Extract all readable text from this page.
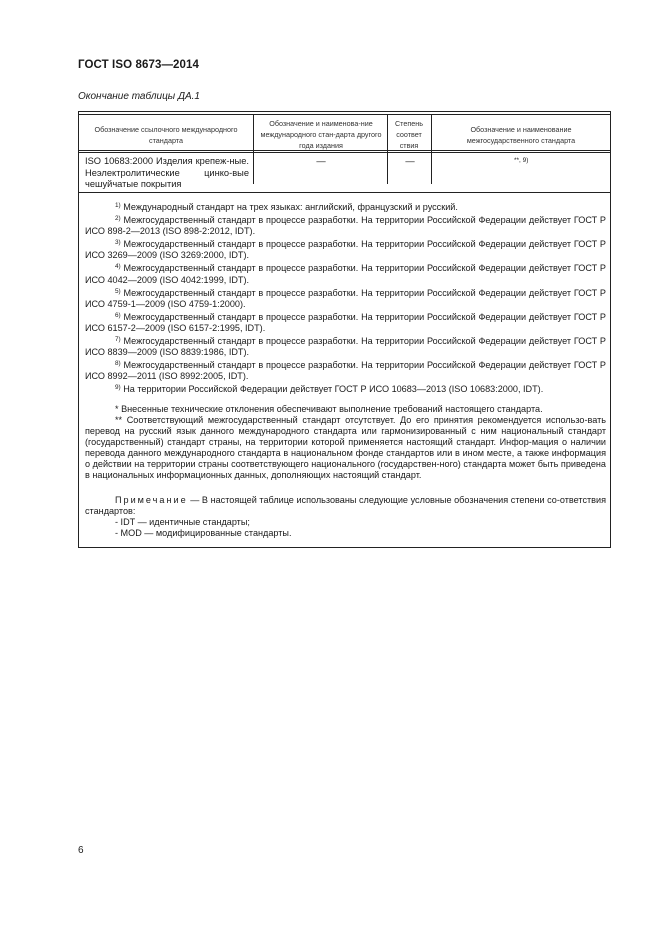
ГОСТ ISO 8673—2014
Окончание таблицы ДА.1
Обозначение ссылочного международного стандарта
Обозначение и наименова-ние международного стан-дарта другого года издания
Степень соответ ствия
Обозначение и наименование межгосударственного стандарта
ISO 10683:2000 Изделия крепеж-ные. Неэлектролитические цинко-вые чешуйчатые покрытия
—	—	**, 9)

$^{1)}$ Международный стандарт на трех языках: английский, французский и русский.

$^{2)}$ Межгосударственный стандарт в процессе разработки. На территории Российской Федерации действует ГОСТ Р ИСО 898-2—2013 (ISO 898-2:2012, IDT).

$^{3)}$ Межгосударственный стандарт в процессе разработки. На территории Российской Федерации действует ГОСТ Р ИСО 3269—2009 (ISO 3269:2000, IDT).

$^{4)}$ Межгосударственный стандарт в процессе разработки. На территории Российской Федерации действует ГОСТ Р ИСО 4042—2009 (ISO 4042:1999, IDT).

$^{5)}$ Межгосударственный стандарт в процессе разработки. На территории Российской Федерации действует ГОСТ Р ИСО 4759-1—2009 (ISO 4759-1:2000).

$^{6)}$ Межгосударственный стандарт в процессе разработки. На территории Российской Федерации действует ГОСТ Р ИСО 6157-2—2009 (ISO 6157-2:1995, IDT).

$^{7)}$ Межгосударственный стандарт в процессе разработки. На территории Российской Федерации действует ГОСТ Р ИСО 8839—2009 (ISO 8839:1986, IDT).

$^{8)}$ Межгосударственный стандарт в процессе разработки. На территории Российской Федерации действует ГОСТ Р ИСО 8992—2011 (ISO 8992:2005, IDT).

$^{9)}$ На территории Российской Федерации действует ГОСТ Р ИСО 10683—2013 (ISO 10683:2000, IDT).

* Внесенные технические отклонения обеспечивают выполнение требований настоящего стандарта.

** Соответствующий межгосударственный стандарт отсутствует. До его принятия рекомендуется использо-вать перевод на русский язык данного международного стандарта или гармонизированный с ним национальный стандарт (государственный) стандарт страны, на территории которой применяется настоящий стандарт. Инфор-мация о наличии перевода данного международного стандарта в национальном фонде стандартов или в ином месте, а также информация о действии на территории страны соответствующего национального (государствен-ного) стандарта может быть приведена в национальных информационных данных, дополняющих настоящий стандарт.

Примечание — В настоящей таблице использованы следующие условные обозначения степени со-ответствия стандартов:

- IDT — идентичные стандарты;

- MOD — модифицированные стандарты.

6
